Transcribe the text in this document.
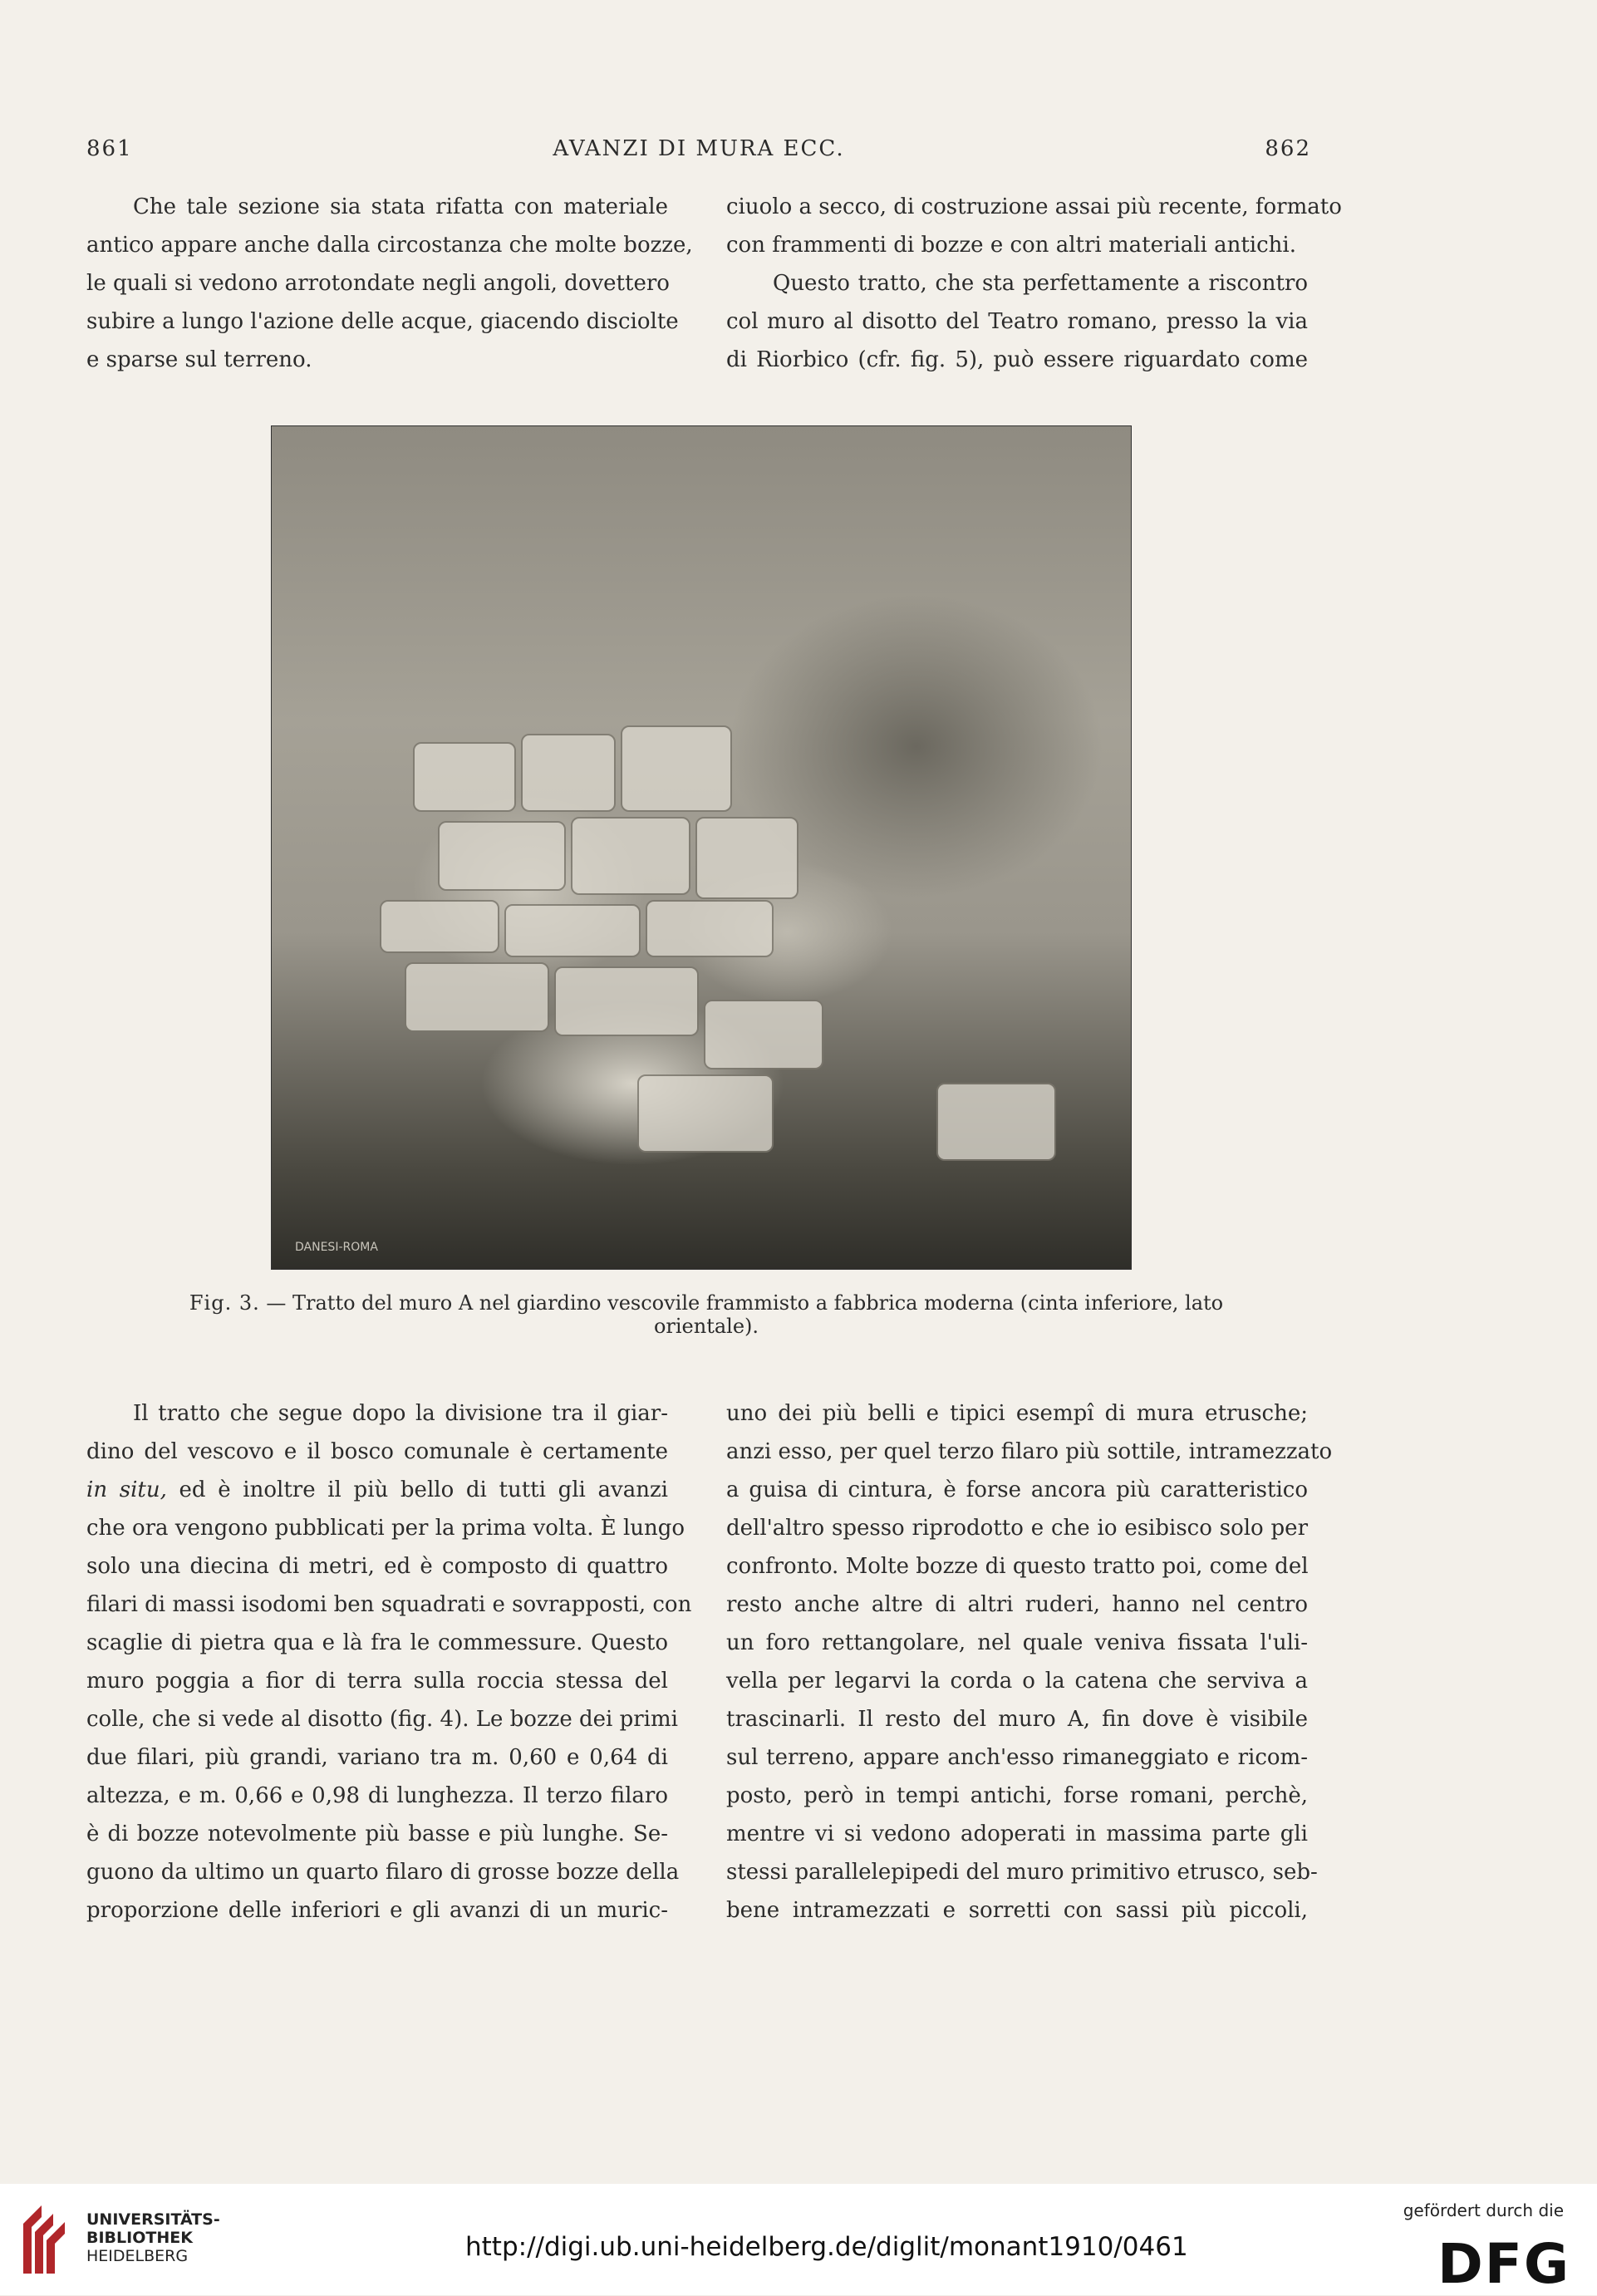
861	AVANZI DI MURA ECC.	862
Che tale sezione sia stata rifatta con materiale
antico appare anche dalla circostanza che molte bozze,
le quali si vedono arrotondate negli angoli, dovettero
subire a lungo l'azione delle acque, giacendo disciolte
e sparse sul terreno.
ciuolo a secco, di costruzione assai più recente, formato
con frammenti di bozze e con altri materiali antichi.
Questo tratto, che sta perfettamente a riscontro
col muro al disotto del Teatro romano, presso la via
di Riorbico (cfr. fig. 5), può essere riguardato come
DANESI-ROMA
Fig. 3. — Tratto del muro A nel giardino vescovile frammisto a fabbrica moderna (cinta inferiore, lato orientale).
Il tratto che segue dopo la divisione tra il giar-
dino del vescovo e il bosco comunale è certamente
in situ, ed è inoltre il più bello di tutti gli avanzi
che ora vengono pubblicati per la prima volta. È lungo
solo una diecina di metri, ed è composto di quattro
filari di massi isodomi ben squadrati e sovrapposti, con
scaglie di pietra qua e là fra le commessure. Questo
muro poggia a fior di terra sulla roccia stessa del
colle, che si vede al disotto (fig. 4). Le bozze dei primi
due filari, più grandi, variano tra m. 0,60 e 0,64 di
altezza, e m. 0,66 e 0,98 di lunghezza. Il terzo filaro
è di bozze notevolmente più basse e più lunghe. Se-
guono da ultimo un quarto filaro di grosse bozze della
proporzione delle inferiori e gli avanzi di un muric-
uno dei più belli e tipici esempî di mura etrusche;
anzi esso, per quel terzo filaro più sottile, intramezzato
a guisa di cintura, è forse ancora più caratteristico
dell'altro spesso riprodotto e che io esibisco solo per
confronto. Molte bozze di questo tratto poi, come del
resto anche altre di altri ruderi, hanno nel centro
un foro rettangolare, nel quale veniva fissata l'uli-
vella per legarvi la corda o la catena che serviva a
trascinarli. Il resto del muro A, fin dove è visibile
sul terreno, appare anch'esso rimaneggiato e ricom-
posto, però in tempi antichi, forse romani, perchè,
mentre vi si vedono adoperati in massima parte gli
stessi parallelepipedi del muro primitivo etrusco, seb-
bene intramezzati e sorretti con sassi più piccoli,
UNIVERSITÄTS-
BIBLIOTHEK
HEIDELBERG	http://digi.ub.uni-heidelberg.de/diglit/monant1910/0461
gefördert durch die
DFG
